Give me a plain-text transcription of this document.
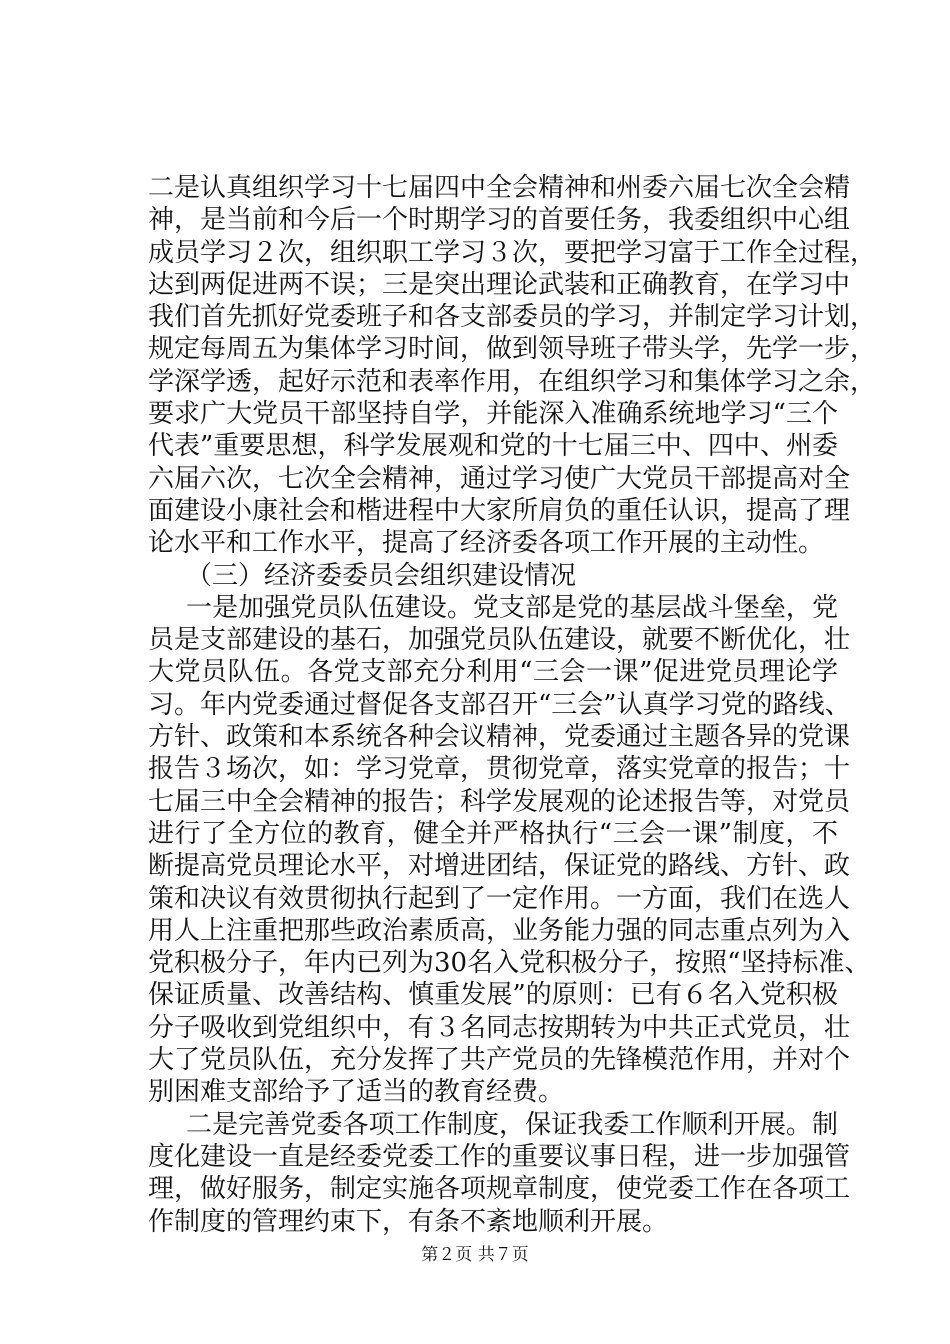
二是认真组织学习十七届四中全会精神和州委六届七次全会精
神，是当前和今后一个时期学习的首要任务，我委组织中心组
成员学习２次，组织职工学习３次，要把学习富于工作全过程，
达到两促进两不误；三是突出理论武装和正确教育，在学习中
我们首先抓好党委班子和各支部委员的学习，并制定学习计划，
规定每周五为集体学习时间，做到领导班子带头学，先学一步，
学深学透，起好示范和表率作用，在组织学习和集体学习之余，
要求广大党员干部坚持自学，并能深入准确系统地学习“三个
代表”重要思想，科学发展观和党的十七届三中、四中、州委
六届六次，七次全会精神，通过学习使广大党员干部提高对全
面建设小康社会和楷进程中大家所肩负的重任认识，提高了理
论水平和工作水平，提高了经济委各项工作开展的主动性。
（三）经济委委员会组织建设情况
一是加强党员队伍建设。党支部是党的基层战斗堡垒，党
员是支部建设的基石，加强党员队伍建设，就要不断优化，壮
大党员队伍。各党支部充分利用“三会一课”促进党员理论学
习。年内党委通过督促各支部召开“三会”认真学习党的路线、
方针、政策和本系统各种会议精神，党委通过主题各异的党课
报告３场次，如：学习党章，贯彻党章，落实党章的报告；十
七届三中全会精神的报告；科学发展观的论述报告等，对党员
进行了全方位的教育，健全并严格执行“三会一课”制度，不
断提高党员理论水平，对增进团结，保证党的路线、方针、政
策和决议有效贯彻执行起到了一定作用。一方面，我们在选人
用人上注重把那些政治素质高，业务能力强的同志重点列为入
党积极分子，年内已列为30名入党积极分子，按照“坚持标准、
保证质量、改善结构、慎重发展”的原则：已有６名入党积极
分子吸收到党组织中，有３名同志按期转为中共正式党员，壮
大了党员队伍，充分发挥了共产党员的先锋模范作用，并对个
别困难支部给予了适当的教育经费。
二是完善党委各项工作制度，保证我委工作顺利开展。制
度化建设一直是经委党委工作的重要议事日程，进一步加强管
理，做好服务，制定实施各项规章制度，使党委工作在各项工
作制度的管理约束下，有条不紊地顺利开展。
第２页 共７页
